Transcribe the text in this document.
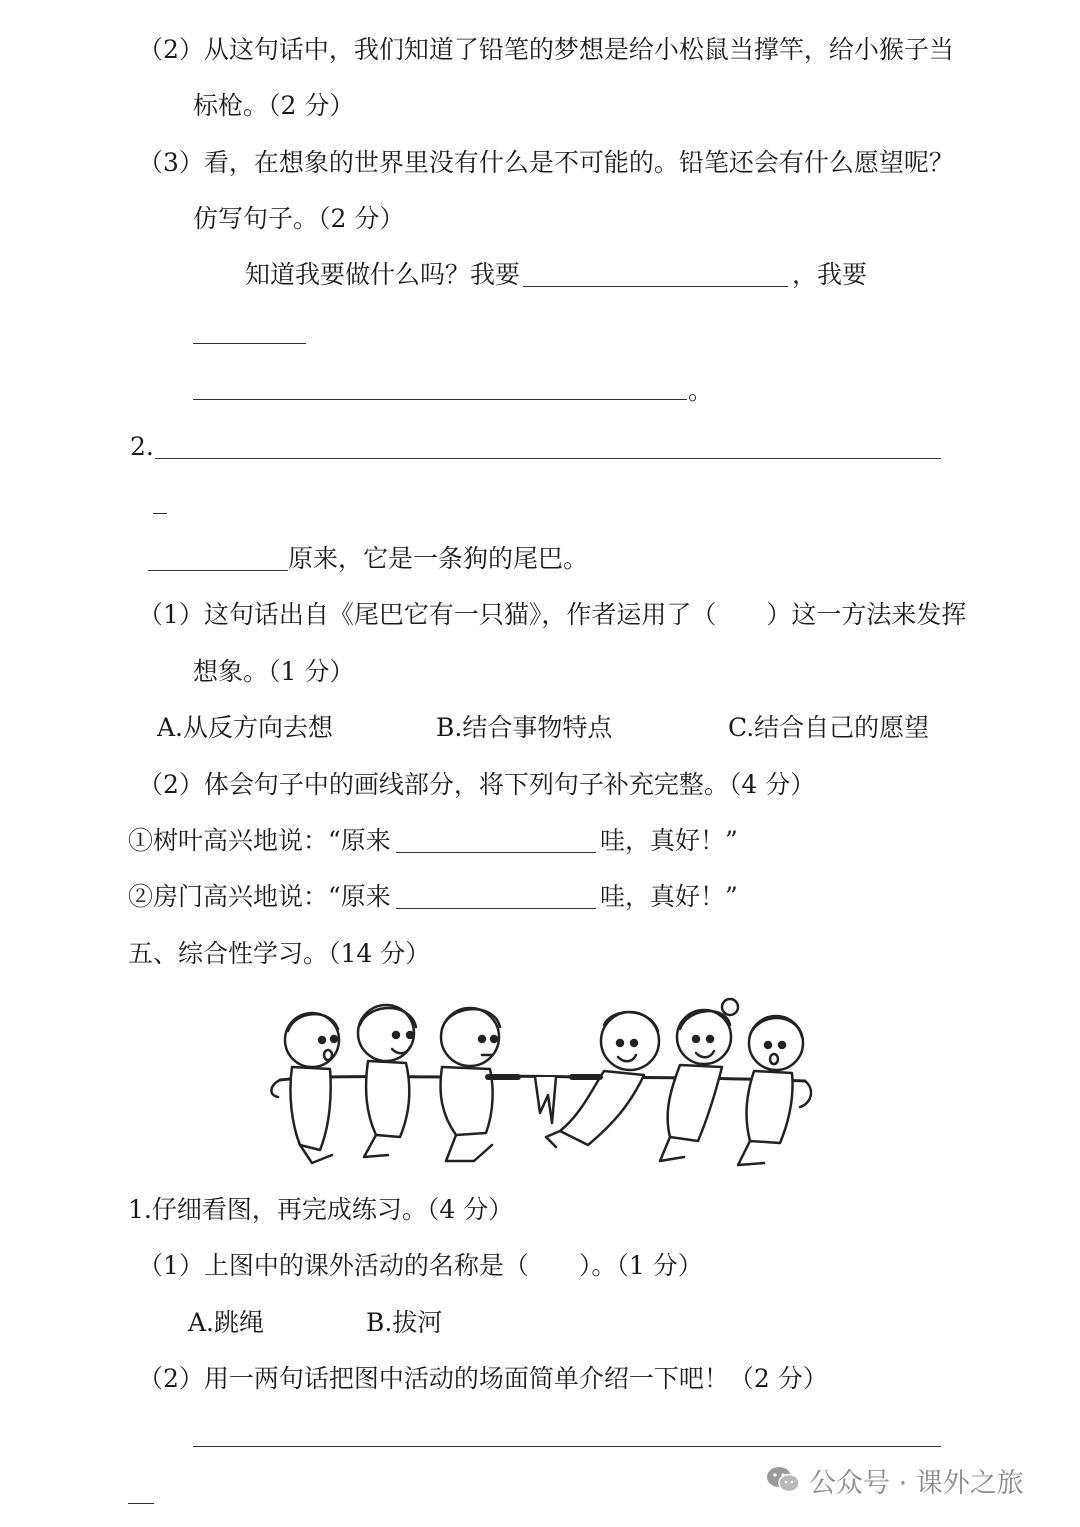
（2）从这句话中，我们知道了铅笔的梦想是给小松鼠当撑竿，给小猴子当
标枪。（2 分）
（3）看，在想象的世界里没有什么是不可能的。铅笔还会有什么愿望呢？
仿写句子。（2 分）
知道我要做什么吗？我要	，我要
。
2.
原来，它是一条狗的尾巴。
（1）这句话出自《尾巴它有一只猫》，作者运用了（　　）这一方法来发挥
想象。（1 分）
A.从反方向去想	B.结合事物特点	C.结合自己的愿望
（2）体会句子中的画线部分，将下列句子补充完整。（4 分）
①树叶高兴地说：“原来	哇，真好！”
②房门高兴地说：“原来	哇，真好！”
五、综合性学习。（14 分）
1.仔细看图，再完成练习。（4 分）
（1）上图中的课外活动的名称是（　　）。（1 分）
A.跳绳	B.拔河
（2）用一两句话把图中活动的场面简单介绍一下吧！（2 分）
公众号 · 课外之旅
